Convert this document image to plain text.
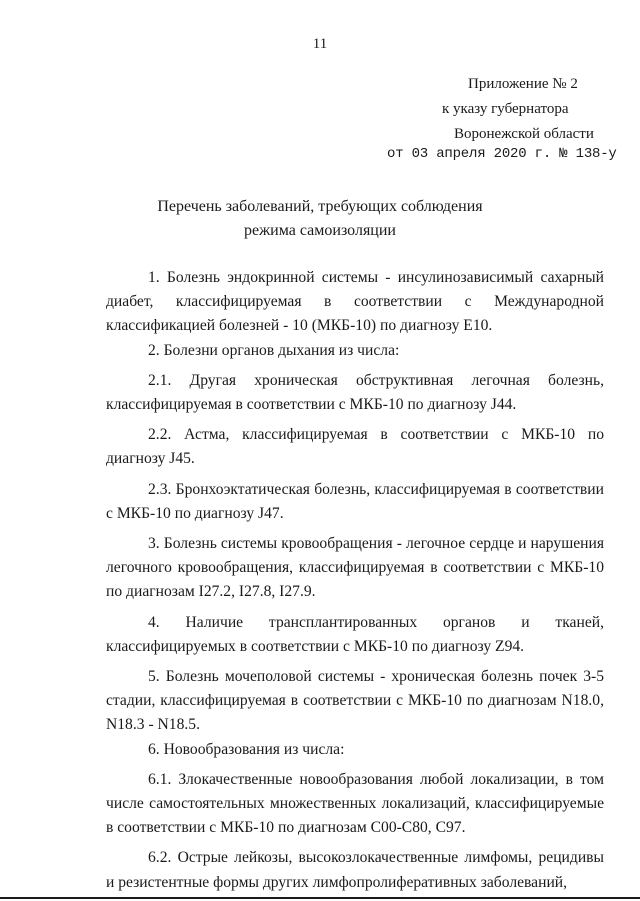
11
Приложение № 2
к указу губернатора
Воронежской области
от 03 апреля 2020 г. № 138-у
Перечень заболеваний, требующих соблюдения
режима самоизоляции

1. Болезнь эндокринной системы - инсулинозависимый сахарный диабет, классифицируемая в соответствии с Международной классификацией болезней - 10 (МКБ-10) по диагнозу E10.

2. Болезни органов дыхания из числа:

2.1. Другая хроническая обструктивная легочная болезнь, классифицируемая в соответствии с МКБ-10 по диагнозу J44.

2.2. Астма, классифицируемая в соответствии с МКБ-10 по диагнозу J45.

2.3. Бронхоэктатическая болезнь, классифицируемая в соответствии с МКБ-10 по диагнозу J47.

3. Болезнь системы кровообращения - легочное сердце и нарушения легочного кровообращения, классифицируемая в соответствии с МКБ-10 по диагнозам I27.2, I27.8, I27.9.

4. Наличие трансплантированных органов и тканей, классифицируемых в соответствии с МКБ-10 по диагнозу Z94.

5. Болезнь мочеполовой системы - хроническая болезнь почек 3-5 стадии, классифицируемая в соответствии с МКБ-10 по диагнозам N18.0, N18.3 - N18.5.

6. Новообразования из числа:

6.1. Злокачественные новообразования любой локализации, в том числе самостоятельных множественных локализаций, классифицируемые в соответствии с МКБ-10 по диагнозам C00-C80, C97.

6.2. Острые лейкозы, высокозлокачественные лимфомы, рецидивы и резистентные формы других лимфопролиферативных заболеваний,
